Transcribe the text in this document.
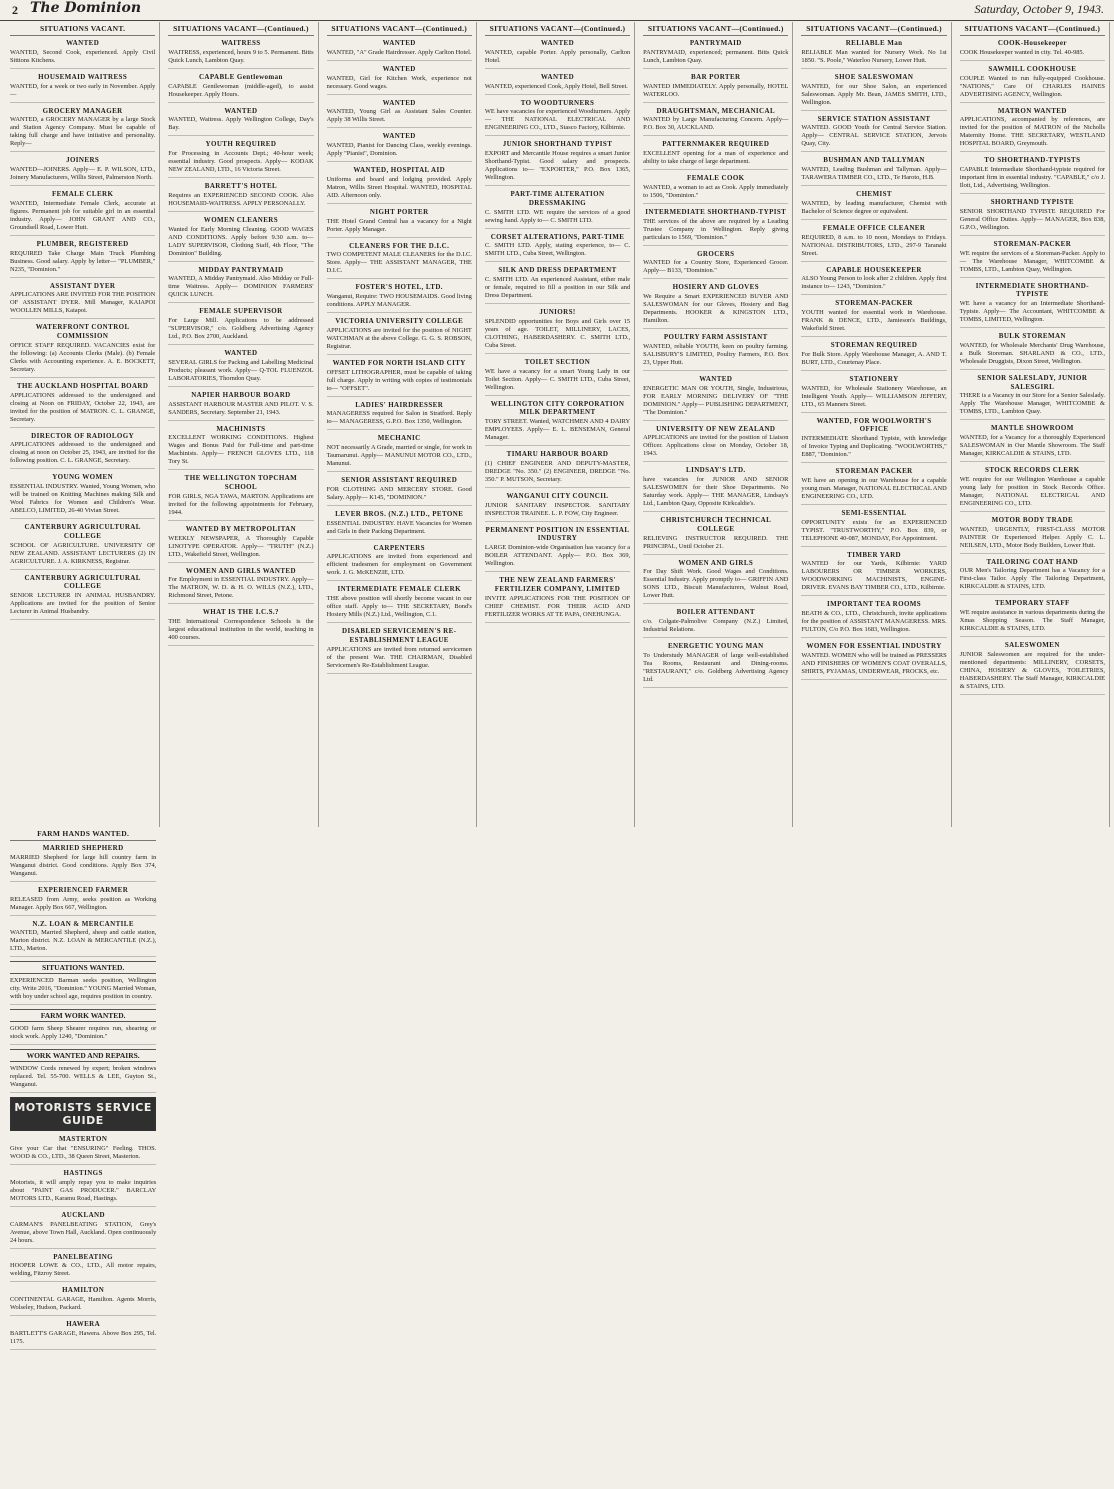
2 The Dominion	Saturday, October 9, 1943.
SITUATIONS VACANT.
WANTED
WANTED, Second Cook, experienced. Apply Civil Sitttons Kitchens.
HOUSEMAID WAITRESS
WANTED, for a week or two early in November. Apply—
GROCERY MANAGER
WANTED, a GROCERY MANAGER by a large Stock and Station Agency Company. Must be capable of taking full charge and have initiative and personality. Reply—
JOINERS
WANTED—JOINERS. Apply— E. P. WILSON, LTD., Joinery Manufacturers, Willis Street, Palmerston North.
FEMALE CLERK
WANTED, Intermediate Female Clerk, accurate at figures. Permanent job for suitable girl in an essential industry. Apply— JOHN GRANT AND CO., Groundsell Road, Lower Hutt.
PLUMBER, REGISTERED
REQUIRED Take Charge Main Truck Plumbing Business. Good salary. Apply by letter— "PLUMBER," N235, "Dominion."
ASSISTANT DYER
APPLICATIONS ARE INVITED FOR THE POSITION OF ASSISTANT DYER. Mill Manager, KAIAPOI WOOLLEN MILLS, Kaiapoi.
WATERFRONT CONTROL COMMISSION
OFFICE STAFF REQUIRED. VACANCIES exist for the following: (a) Accounts Clerks (Male). (b) Female Clerks with Accounting experience. A. E. BOCKETT, Secretary.
THE AUCKLAND HOSPITAL BOARD
APPLICATIONS addressed to the undersigned and closing at Noon on FRIDAY, October 22, 1943, are invited for the position of MATRON. C. L. GRANGE, Secretary.
DIRECTOR OF RADIOLOGY
APPLICATIONS addressed to the undersigned and closing at noon on October 25, 1943, are invited for the following position. C. L. GRANGE, Secretary.
YOUNG WOMEN
ESSENTIAL INDUSTRY. Wanted, Young Women, who will be trained on Knitting Machines making Silk and Wool Fabrics for Women and Children's Wear. ABELCO, LIMITED, 26-40 Vivian Street.
CANTERBURY AGRICULTURAL COLLEGE
SCHOOL OF AGRICULTURE. UNIVERSITY OF NEW ZEALAND. ASSISTANT LECTURERS (2) IN AGRICULTURE. J. A. KIRKNESS, Registrar.
CANTERBURY AGRICULTURAL COLLEGE
SENIOR LECTURER IN ANIMAL HUSBANDRY. Applications are invited for the position of Senior Lecturer in Animal Husbandry.
SITUATIONS VACANT—(Continued.)
WAITRESS
WAITRESS, experienced, hours 9 to 5. Permanent. Bitts Quick Lunch, Lambton Quay.
CAPABLE Gentlewoman
CAPABLE Gentlewoman (middle-aged), to assist Housekeeper. Apply Hours.
WANTED
WANTED, Waitress. Apply Wellington College, Day's Bay.
YOUTH REQUIRED
For Processing in Accounts Dept.; 40-hour week; essential industry. Good prospects. Apply— KODAK NEW ZEALAND, LTD., 16 Victoria Street.
BARRETT'S HOTEL
Requires an EXPERIENCED SECOND COOK. Also HOUSEMAID-WAITRESS. APPLY PERSONALLY.
WOMEN CLEANERS
Wanted for Early Morning Cleaning. GOOD WAGES AND CONDITIONS. Apply before 9.30 a.m. to— LADY SUPERVISOR, Clothing Staff, 4th Floor, "The Dominion" Building.
MIDDAY PANTRYMAID
WANTED, A Midday Pantrymaid. Also Midday or Full-time Waitress. Apply— DOMINION FARMERS' QUICK LUNCH.
FEMALE SUPERVISOR
For Large Mill. Applications to be addressed "SUPERVISOR," c/o. Goldberg Advertising Agency Ltd., P.O. Box 2700, Auckland.
WANTED
SEVERAL GIRLS for Packing and Labelling Medicinal Products; pleasant work. Apply— Q-TOL FLUENZOL LABORATORIES, Thorndon Quay.
NAPIER HARBOUR BOARD
ASSISTANT HARBOUR MASTER AND PILOT. V. S. SANDERS, Secretary. September 21, 1943.
MACHINISTS
EXCELLENT WORKING CONDITIONS. Highest Wages and Bonus Paid for Full-time and part-time Machinists. Apply— FRENCH GLOVES LTD., 118 Tory St.
THE WELLINGTON TOPCHAM SCHOOL
FOR GIRLS, NGA TAWA, MARTON. Applications are invited for the following appointments for February, 1944.
WANTED BY METROPOLITAN
WEEKLY NEWSPAPER, A Thoroughly Capable LINOTYPE OPERATOR. Apply— "TRUTH" (N.Z.) LTD., Wakefield Street, Wellington.
WOMEN AND GIRLS WANTED
For Employment in ESSENTIAL INDUSTRY. Apply— The MATRON, W. D. & H. O. WILLS (N.Z.), LTD., Richmond Street, Petone.
WHAT IS THE I.C.S.?
THE International Correspondence Schools is the largest educational institution in the world, teaching in 400 courses.
SITUATIONS VACANT—(Continued.)
WANTED
WANTED, "A" Grade Hairdresser. Apply Carlton Hotel.
WANTED
WANTED, Girl for Kitchen Work, experience not necessary. Good wages.
WANTED
WANTED, Young Girl as Assistant Sales Counter. Apply 38 Willis Street.
WANTED
WANTED, Pianist for Dancing Class, weekly evenings. Apply "Pianist", Dominion.
WANTED, HOSPITAL AID
Uniforms and board and lodging provided. Apply Matron, Willis Street Hospital. WANTED, HOSPITAL AID. Afternoon only.
NIGHT PORTER
THE Hotel Grand Central has a vacancy for a Night Porter. Apply Manager.
CLEANERS FOR THE D.I.C.
TWO COMPETENT MALE CLEANERS for the D.I.C. Store. Apply— THE ASSISTANT MANAGER, THE D.I.C.
FOSTER'S HOTEL, LTD.
Wanganui, Require: TWO HOUSEMAIDS. Good living conditions. APPLY MANAGER.
VICTORIA UNIVERSITY COLLEGE
APPLICATIONS are invited for the position of NIGHT WATCHMAN at the above College. G. G. S. ROBSON, Registrar.
WANTED FOR NORTH ISLAND CITY
OFFSET LITHOGRAPHER, must be capable of taking full charge. Apply in writing with copies of testimonials to— "OFFSET".
LADIES' HAIRDRESSER
MANAGERESS required for Salon in Stratford. Reply to— MANAGERESS, G.P.O. Box 1350, Wellington.
MECHANIC
NOT necessarily A Grade, married or single, for work in Taumarunui. Apply— MANUNUI MOTOR CO., LTD., Manunui.
SENIOR ASSISTANT REQUIRED
FOR CLOTHING AND MERCERY STORE. Good Salary. Apply— K145, "DOMINION."
LEVER BROS. (N.Z.) LTD., PETONE
ESSENTIAL INDUSTRY. HAVE Vacancies for Women and Girls in their Packing Department.
CARPENTERS
APPLICATIONS are invited from experienced and efficient tradesmen for employment on Government work. J. G. McKENZIE, LTD.
INTERMEDIATE FEMALE CLERK
THE above position will shortly become vacant in our office staff. Apply to— THE SECRETARY, Bond's Hosiery Mills (N.Z.) Ltd., Wellington, C.1.
DISABLED SERVICEMEN'S RE-ESTABLISHMENT LEAGUE
APPLICATIONS are invited from returned servicemen of the present War. THE CHAIRMAN, Disabled Servicemen's Re-Establishment League.
SITUATIONS VACANT—(Continued.)
WANTED
WANTED, capable Porter. Apply personally, Carlton Hotel.
WANTED
WANTED, experienced Cook, Apply Hotel, Bell Street.
TO WOODTURNERS
WE have vacancies for experienced Woodturners. Apply— THE NATIONAL ELECTRICAL AND ENGINEERING CO., LTD., Stasco Factory, Kilbirnie.
JUNIOR SHORTHAND TYPIST
EXPORT and Mercantile House requires a smart Junior Shorthand-Typist. Good salary and prospects. Applications to— "EXPORTER," P.O. Box 1365, Wellington.
PART-TIME ALTERATION DRESSMAKING
C. SMITH LTD. WE require the services of a good sewing hand. Apply to— C. SMITH LTD.
CORSET ALTERATIONS, PART-TIME
C. SMITH LTD. Apply, stating experience, to— C. SMITH LTD., Cuba Street, Wellington.
SILK AND DRESS DEPARTMENT
C. SMITH LTD. An experienced Assistant, either male or female, required to fill a position in our Silk and Dress Department.
JUNIORS!
SPLENDID opportunities for Boys and Girls over 15 years of age. TOILET, MILLINERY, LACES, CLOTHING, HABERDASHERY. C. SMITH LTD., Cuba Street.
TOILET SECTION
WE have a vacancy for a smart Young Lady in our Toilet Section. Apply— C. SMITH LTD., Cuba Street, Wellington.
WELLINGTON CITY CORPORATION MILK DEPARTMENT
TORY STREET. Wanted, WATCHMEN AND 4 DAIRY EMPLOYEES. Apply— E. L. BENSEMAN, General Manager.
TIMARU HARBOUR BOARD
(1) CHIEF ENGINEER AND DEPUTY-MASTER, DREDGE "No. 350." (2) ENGINEER, DREDGE "No. 350." P. MUTSON, Secretary.
WANGANUI CITY COUNCIL
JUNIOR SANITARY INSPECTOR. SANITARY INSPECTOR TRAINEE. L. P. FOW, City Engineer.
PERMANENT POSITION IN ESSENTIAL INDUSTRY
LARGE Dominion-wide Organisation has vacancy for a BOILER ATTENDANT. Apply— P.O. Box 369, Wellington.
THE NEW ZEALAND FARMERS' FERTILIZER COMPANY, LIMITED
INVITE APPLICATIONS FOR THE POSITION OF CHIEF CHEMIST. FOR THEIR ACID AND FERTILIZER WORKS AT TE PAPA, ONEHUNGA.
SITUATIONS VACANT—(Continued.)
PANTRYMAID
PANTRYMAID, experienced; permanent. Bitts Quick Lunch, Lambton Quay.
BAR PORTER
WANTED IMMEDIATELY. Apply personally, HOTEL WATERLOO.
DRAUGHTSMAN, MECHANICAL
WANTED by Large Manufacturing Concern. Apply— P.O. Box 30, AUCKLAND.
PATTERNMAKER REQUIRED
EXCELLENT opening for a man of experience and ability to take charge of large department.
FEMALE COOK
WANTED, a woman to act as Cook. Apply immediately to 1506, "Dominion."
INTERMEDIATE SHORTHAND-TYPIST
THE services of the above are required by a Leading Trustee Company in Wellington. Reply giving particulars to 1569, "Dominion."
GROCERS
WANTED for a Country Store, Experienced Grocer. Apply— B133, "Dominion."
HOSIERY AND GLOVES
We Require a Smart EXPERIENCED BUYER AND SALESWOMAN for our Gloves, Hosiery and Bag Departments. HOOKER & KINGSTON LTD., Hamilton.
POULTRY FARM ASSISTANT
WANTED, reliable YOUTH, keen on poultry farming. SALISBURY'S LIMITED, Poultry Farmers, P.O. Box 23, Upper Hutt.
WANTED
ENERGETIC MAN OR YOUTH, Single, Industrious, FOR EARLY MORNING DELIVERY OF "THE DOMINION." Apply— PUBLISHING DEPARTMENT, "The Dominion."
UNIVERSITY OF NEW ZEALAND
APPLICATIONS are invited for the position of Liaison Officer. Applications close on Monday, October 18, 1943.
LINDSAY'S LTD.
have vacancies for JUNIOR AND SENIOR SALESWOMEN for their Shoe Departments. No Saturday work. Apply— THE MANAGER, Lindsay's Ltd., Lambton Quay, Opposite Kirkcaldie's.
CHRISTCHURCH TECHNICAL COLLEGE
RELIEVING INSTRUCTOR REQUIRED. THE PRINCIPAL, Until October 21.
WOMEN AND GIRLS
For Day Shift Work. Good Wages and Conditions. Essential Industry. Apply promptly to— GRIFFIN AND SONS LTD., Biscuit Manufacturers, Walnut Road, Lower Hutt.
BOILER ATTENDANT
c/o. Colgate-Palmolive Company (N.Z.) Limited, Industrial Relations.
ENERGETIC YOUNG MAN
To Understudy MANAGER of large well-established Tea Rooms, Restaurant and Dining-rooms. "RESTAURANT," c/o. Goldberg Advertising Agency Ltd.
SITUATIONS VACANT—(Continued.)
RELIABLE Man
RELIABLE Man wanted for Nursery Work. No 1st 1850. "S. Poole," Waterloo Nursery, Lower Hutt.
SHOE SALESWOMAN
WANTED, for our Shoe Salon, an experienced Saleswoman. Apply Mr. Bean, JAMES SMITH, LTD., Wellington.
SERVICE STATION ASSISTANT
WANTED. GOOD Youth for Central Service Station. Apply— CENTRAL SERVICE STATION, Jervois Quay, City.
BUSHMAN AND TALLYMAN
WANTED, Leading Bushman and Tallyman. Apply— TARAWERA TIMBER CO., LTD., Te Haroto, H.B.
CHEMIST
WANTED, by leading manufacturer, Chemist with Bachelor of Science degree or equivalent.
FEMALE OFFICE CLEANER
REQUIRED, 8 a.m. to 10 noon, Mondays to Fridays. NATIONAL DISTRIBUTORS, LTD., 297-9 Taranaki Street.
CAPABLE HOUSEKEEPER
ALSO Young Person to look after 2 children. Apply first instance to— 1243, "Dominion."
STOREMAN-PACKER
YOUTH wanted for essential work in Warehouse. FRANK & DENCE, LTD., Jamieson's Buildings, Wakefield Street.
STOREMAN REQUIRED
For Bulk Store. Apply Warehouse Manager, A. AND T. BURT, LTD., Courtenay Place.
STATIONERY
WANTED, for Wholesale Stationery Warehouse, an Intelligent Youth. Apply— WILLIAMSON JEFFERY, LTD., 65 Manners Street.
WANTED, FOR WOOLWORTH'S OFFICE
INTERMEDIATE Shorthand Typiste, with knowledge of Invoice Typing and Duplicating. "WOOLWORTHS," E887, "Dominion."
STOREMAN PACKER
WE have an opening in our Warehouse for a capable young man. Manager, NATIONAL ELECTRICAL AND ENGINEERING CO., LTD.
SEMI-ESSENTIAL
OPPORTUNITY exists for an EXPERIENCED TYPIST. "TRUSTWORTHY," P.O. Box 839, or TELEPHONE 40-087, MONDAY, For Appointment.
TIMBER YARD
WANTED for our Yards, Kilbirnie: YARD LABOURERS OR TIMBER WORKERS, WOODWORKING MACHINISTS, ENGINE-DRIVER. EVANS BAY TIMBER CO., LTD., Kilbirnie.
IMPORTANT TEA ROOMS
BEATH & CO., LTD., Christchurch, invite applications for the position of ASSISTANT MANAGERESS. MRS. FULTON, C/o P.O. Box 1683, Wellington.
WOMEN FOR ESSENTIAL INDUSTRY
WANTED. WOMEN who will be trained as PRESSERS AND FINISHERS OF WOMEN'S COAT OVERALLS, SHIRTS, PYJAMAS, UNDERWEAR, FROCKS, etc.
SITUATIONS VACANT—(Continued.)
COOK-Housekeeper
COOK Housekeeper wanted in city. Tel. 40-985.
SAWMILL COOKHOUSE
COUPLE Wanted to run fully-equipped Cookhouse. "NATIONS," Care Of CHARLES HAINES ADVERTISING AGENCY, Wellington.
MATRON WANTED
APPLICATIONS, accompanied by references, are invited for the position of MATRON of the Nicholls Maternity Home. THE SECRETARY, WESTLAND HOSPITAL BOARD, Greymouth.
TO SHORTHAND-TYPISTS
CAPABLE Intermediate Shorthand-typiste required for important firm in essential industry. "CAPABLE," c/o J. Ilott, Ltd., Advertising, Wellington.
SHORTHAND TYPISTE
SENIOR SHORTHAND TYPISTE REQUIRED For General Office Duties. Apply— MANAGER, Box 838, G.P.O., Wellington.
STOREMAN-PACKER
WE require the services of a Storeman-Packer. Apply to— The Warehouse Manager, WHITCOMBE & TOMBS, LTD., Lambton Quay, Wellington.
INTERMEDIATE SHORTHAND-TYPISTE
WE have a vacancy for an Intermediate Shorthand-Typiste. Apply— The Accountant, WHITCOMBE & TOMBS, LIMITED, Wellington.
BULK STOREMAN
WANTED, for Wholesale Merchants' Drug Warehouse, a Bulk Storeman. SHARLAND & CO., LTD., Wholesale Druggists, Dixon Street, Wellington.
SENIOR SALESLADY, JUNIOR SALESGIRL
THERE is a Vacancy in our Store for a Senior Saleslady. Apply The Warehouse Manager, WHITCOMBE & TOMBS, LTD., Lambton Quay.
MANTLE SHOWROOM
WANTED, for a Vacancy for a thoroughly Experienced SALESWOMAN in Our Mantle Showroom. The Staff Manager, KIRKCALDIE & STAINS, LTD.
STOCK RECORDS CLERK
WE require for our Wellington Warehouse a capable young lady for position in Stock Records Office. Manager, NATIONAL ELECTRICAL AND ENGINEERING CO., LTD.
MOTOR BODY TRADE
WANTED, URGENTLY, FIRST-CLASS MOTOR PAINTER Or Experienced Helper. Apply C. L. NEILSEN, LTD., Motor Body Builders, Lower Hutt.
TAILORING COAT HAND
OUR Men's Tailoring Department has a Vacancy for a First-class Tailor. Apply The Tailoring Department, KIRKCALDIE & STAINS, LTD.
TEMPORARY STAFF
WE require assistance in various departments during the Xmas Shopping Season. The Staff Manager, KIRKCALDIE & STAINS, LTD.
SALESWOMEN
JUNIOR Saleswomen are required for the under-mentioned departments: MILLINERY, CORSETS, CHINA, HOSIERY & GLOVES, TOILETRIES, HABERDASHERY. The Staff Manager, KIRKCALDIE & STAINS, LTD.
FARM HANDS WANTED.
MARRIED SHEPHERD
MARRIED Shepherd for large hill country farm in Wanganui district. Good conditions. Apply Box 374, Wanganui.
EXPERIENCED FARMER
RELEASED from Army, seeks position as Working Manager. Apply Box 667, Wellington.
N.Z. LOAN & MERCANTILE
WANTED, Married Shepherd, sheep and cattle station, Marton district. N.Z. LOAN & MERCANTILE (N.Z.), LTD., Marton.
SITUATIONS WANTED.
EXPERIENCED Barman seeks position, Wellington city. Write 2016, "Dominion." YOUNG Married Woman, with boy under school age, requires position in country.
FARM WORK WANTED.
GOOD farm Sheep Shearer requires run, shearing or stock work. Apply 1240, "Dominion."
WORK WANTED AND REPAIRS.
WINDOW Cords renewed by expert; broken windows replaced. Tel. 55-700. WELLS & LEE, Guyton St., Wanganui.
MOTORISTS SERVICE GUIDE
MASTERTON
Give your Car that "ENSURING" Feeling. THOS. WOOD & CO., LTD., 38 Queen Street, Masterton.
HASTINGS
Motorists, it will amply repay you to make inquiries about "PAINT GAS PRODUCER." BARCLAY MOTORS LTD., Karamu Road, Hastings.
AUCKLAND
CARMAN'S PANELBEATING STATION, Grey's Avenue, above Town Hall, Auckland. Open continuously 24 hours.
PANELBEATING
HOOPER LOWE & CO., LTD., All motor repairs, welding, Fitzroy Street.
HAMILTON
CONTINENTAL GARAGE, Hamilton. Agents Morris, Wolseley, Hudson, Packard.
HAWERA
BARTLETT'S GARAGE, Hawera. Above Box 295, Tel. 1175.
